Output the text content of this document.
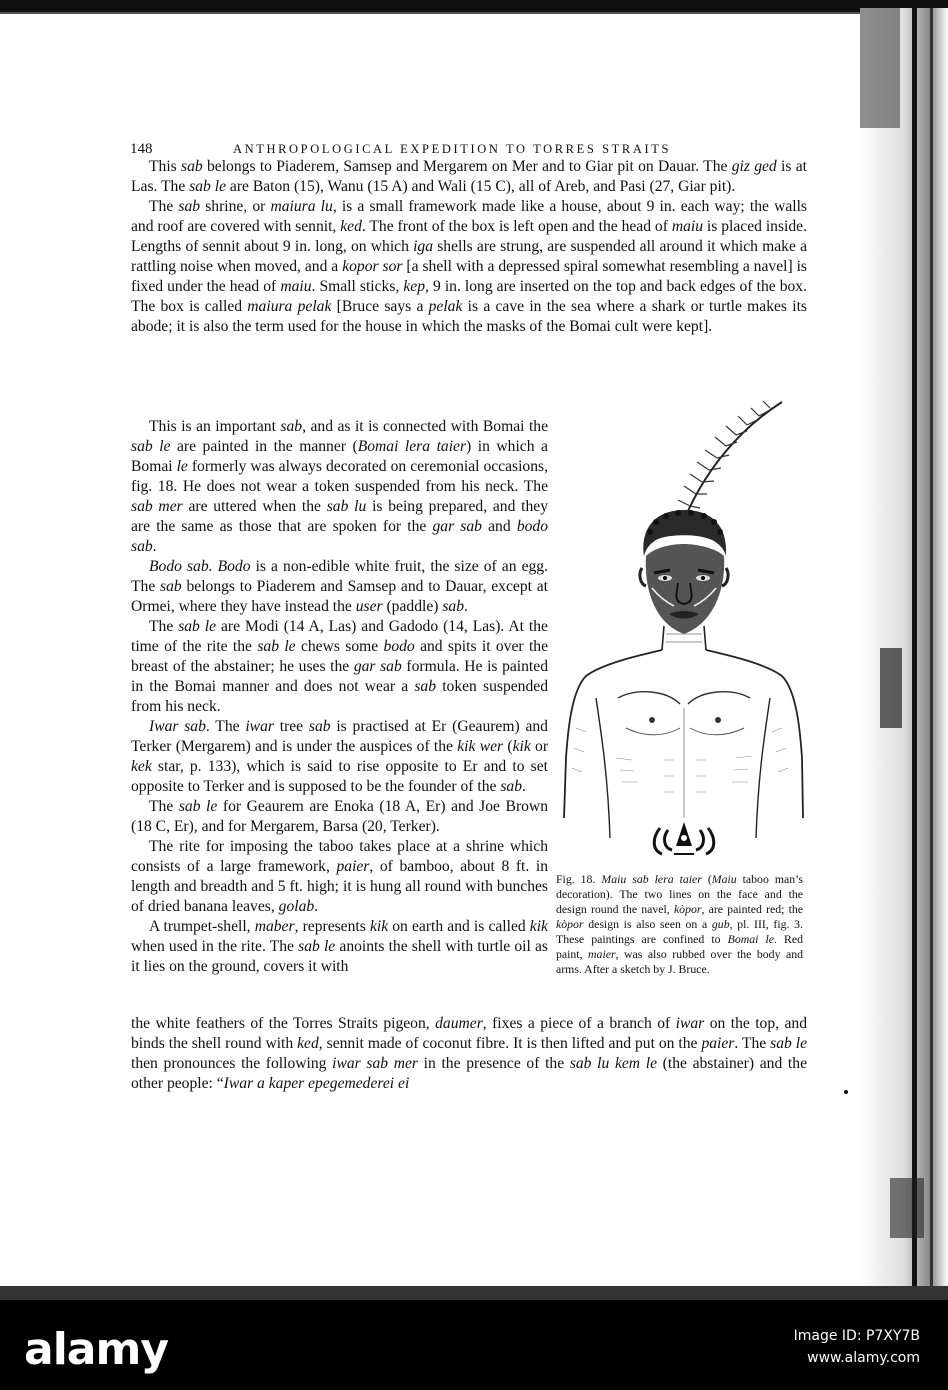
148	ANTHROPOLOGICAL EXPEDITION TO TORRES STRAITS

This sab belongs to Piaderem, Samsep and Mergarem on Mer and to Giar pit on Dauar. The giz ged is at Las. The sab le are Baton (15), Wanu (15 A) and Wali (15 C), all of Areb, and Pasi (27, Giar pit).

The sab shrine, or maiura lu, is a small framework made like a house, about 9 in. each way; the walls and roof are covered with sennit, ked. The front of the box is left open and the head of maiu is placed inside. Lengths of sennit about 9 in. long, on which iga shells are strung, are suspended all around it which make a rattling noise when moved, and a kopor sor [a shell with a depressed spiral somewhat resembling a navel] is fixed under the head of maiu. Small sticks, kep, 9 in. long are inserted on the top and back edges of the box. The box is called maiura pelak [Bruce says a pelak is a cave in the sea where a shark or turtle makes its abode; it is also the term used for the house in which the masks of the Bomai cult were kept].

This is an important sab, and as it is connected with Bomai the sab le are painted in the manner (Bomai lera taier) in which a Bomai le formerly was always decorated on ceremonial occasions, fig. 18. He does not wear a token suspended from his neck. The sab mer are uttered when the sab lu is being prepared, and they are the same as those that are spoken for the gar sab and bodo sab.

Bodo sab. Bodo is a non-edible white fruit, the size of an egg. The sab belongs to Piaderem and Samsep and to Dauar, except at Ormei, where they have instead the user (paddle) sab.

The sab le are Modi (14 A, Las) and Gadodo (14, Las). At the time of the rite the sab le chews some bodo and spits it over the breast of the abstainer; he uses the gar sab formula. He is painted in the Bomai manner and does not wear a sab token suspended from his neck.

Iwar sab. The iwar tree sab is practised at Er (Geaurem) and Terker (Mergarem) and is under the auspices of the kik wer (kik or kek star, p. 133), which is said to rise opposite to Er and to set opposite to Terker and is supposed to be the founder of the sab.

The sab le for Geaurem are Enoka (18 A, Er) and Joe Brown (18 C, Er), and for Mergarem, Barsa (20, Terker).

The rite for imposing the taboo takes place at a shrine which consists of a large framework, paier, of bamboo, about 8 ft. in length and breadth and 5 ft. high; it is hung all round with bunches of dried banana leaves, golab.

A trumpet-shell, maber, represents kik on earth and is called kik when used in the rite. The sab le anoints the shell with turtle oil as it lies on the ground, covers it with

the white feathers of the Torres Straits pigeon, daumer, fixes a piece of a branch of iwar on the top, and binds the shell round with ked, sennit made of coconut fibre. It is then lifted and put on the paier. The sab le then pronounces the following iwar sab mer in the presence of the sab lu kem le (the abstainer) and the other people: “Iwar a kaper epegemederei ei

Fig. 18. Maiu sab lera taier (Maiu taboo man’s decoration). The two lines on the face and the design round the navel, kòpor, are painted red; the kòpor design is also seen on a gub, pl. III, fig. 3. These paintings are confined to Bomai le. Red paint, maier, was also rubbed over the body and arms. After a sketch by J. Bruce.
alamy	Image ID: P7XY7B
www.alamy.com
